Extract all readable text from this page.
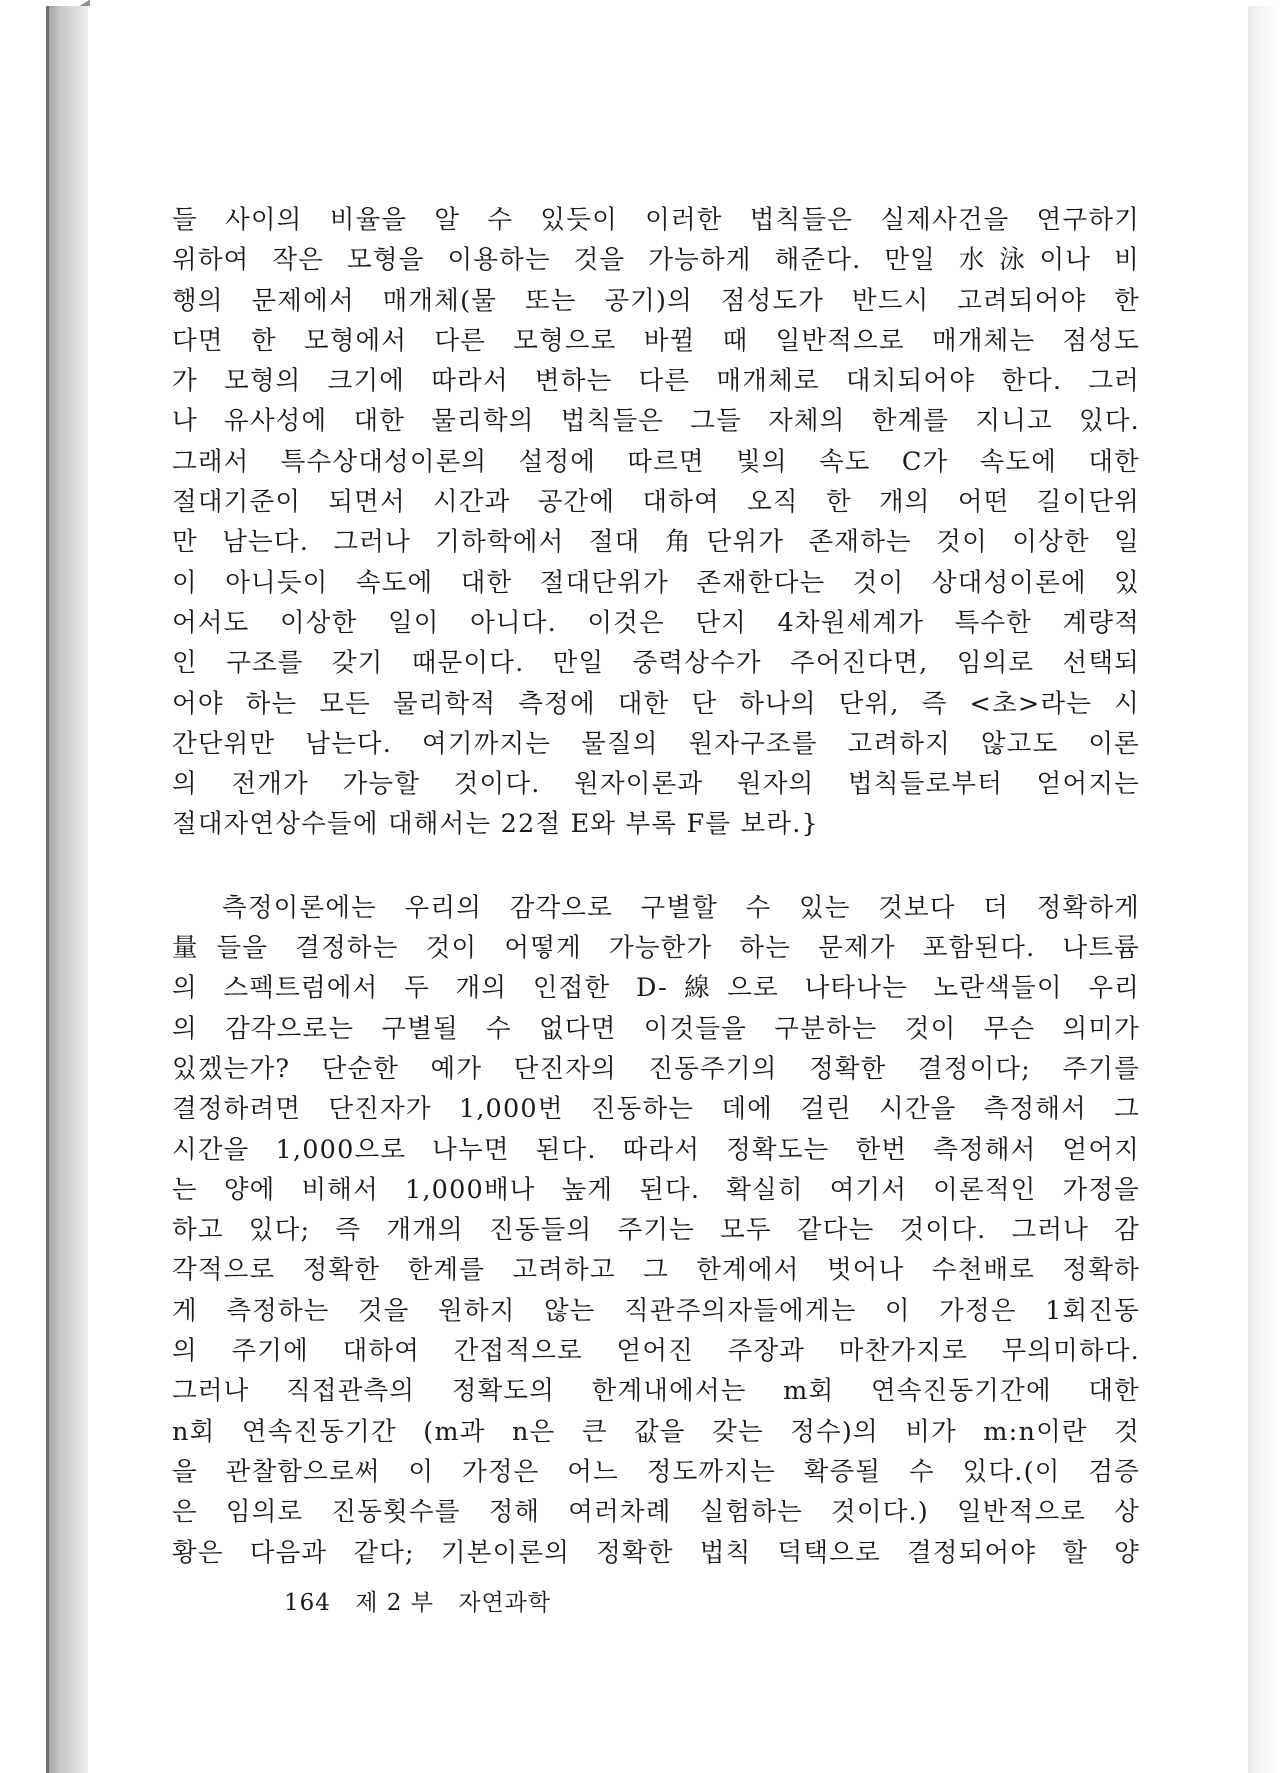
들 사이의 비율을 알 수 있듯이 이러한 법칙들은 실제사건을 연구하기
위하여 작은 모형을 이용하는 것을 가능하게 해준다. 만일 水泳이나 비
행의 문제에서 매개체(물 또는 공기)의 점성도가 반드시 고려되어야 한
다면 한 모형에서 다른 모형으로 바뀔 때 일반적으로 매개체는 점성도
가 모형의 크기에 따라서 변하는 다른 매개체로 대치되어야 한다. 그러
나 유사성에 대한 물리학의 법칙들은 그들 자체의 한계를 지니고 있다.
그래서 특수상대성이론의 설정에 따르면 빛의 속도 C가 속도에 대한
절대기준이 되면서 시간과 공간에 대하여 오직 한 개의 어떤 길이단위
만 남는다. 그러나 기하학에서 절대 角단위가 존재하는 것이 이상한 일
이 아니듯이 속도에 대한 절대단위가 존재한다는 것이 상대성이론에 있
어서도 이상한 일이 아니다. 이것은 단지 4차원세계가 특수한 계량적
인 구조를 갖기 때문이다. 만일 중력상수가 주어진다면, 임의로 선택되
어야 하는 모든 물리학적 측정에 대한 단 하나의 단위, 즉 <초>라는 시
간단위만 남는다. 여기까지는 물질의 원자구조를 고려하지 않고도 이론
의 전개가 가능할 것이다. 원자이론과 원자의 법칙들로부터 얻어지는
절대자연상수들에 대해서는 22절 E와 부록 F를 보라.}
측정이론에는 우리의 감각으로 구별할 수 있는 것보다 더 정확하게
量들을 결정하는 것이 어떻게 가능한가 하는 문제가 포함된다. 나트륨
의 스펙트럼에서 두 개의 인접한 D-線으로 나타나는 노란색들이 우리
의 감각으로는 구별될 수 없다면 이것들을 구분하는 것이 무슨 의미가
있겠는가? 단순한 예가 단진자의 진동주기의 정확한 결정이다; 주기를
결정하려면 단진자가 1,000번 진동하는 데에 걸린 시간을 측정해서 그
시간을 1,000으로 나누면 된다. 따라서 정확도는 한번 측정해서 얻어지
는 양에 비해서 1,000배나 높게 된다. 확실히 여기서 이론적인 가정을
하고 있다; 즉 개개의 진동들의 주기는 모두 같다는 것이다. 그러나 감
각적으로 정확한 한계를 고려하고 그 한계에서 벗어나 수천배로 정확하
게 측정하는 것을 원하지 않는 직관주의자들에게는 이 가정은 1회진동
의 주기에 대하여 간접적으로 얻어진 주장과 마찬가지로 무의미하다.
그러나 직접관측의 정확도의 한계내에서는 m회 연속진동기간에 대한
n회 연속진동기간 (m과 n은 큰 값을 갖는 정수)의 비가 m:n이란 것
을 관찰함으로써 이 가정은 어느 정도까지는 확증될 수 있다.(이 검증
은 임의로 진동횟수를 정해 여러차례 실험하는 것이다.) 일반적으로 상
황은 다음과 같다; 기본이론의 정확한 법칙 덕택으로 결정되어야 할 양
164 제 2 부 자연과학
